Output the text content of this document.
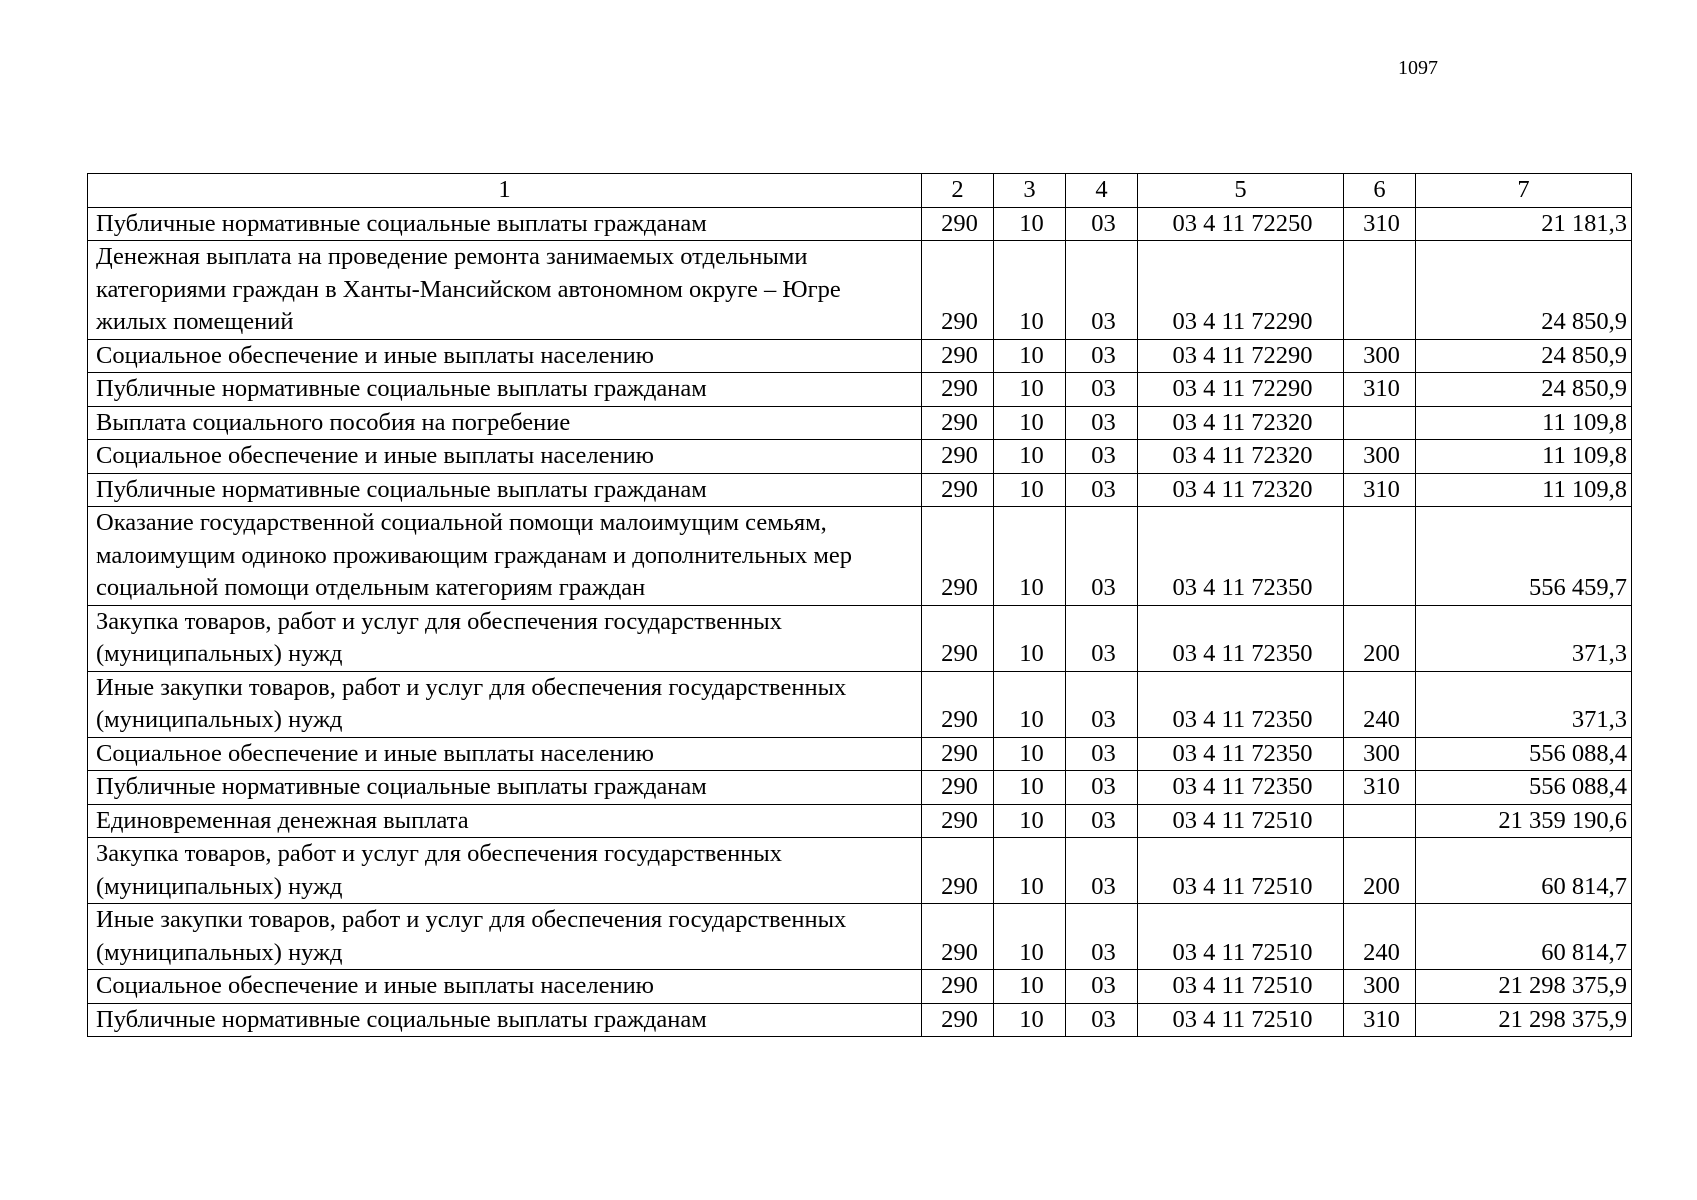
1097
1	2	3	4	5	6	7
Публичные нормативные социальные выплаты гражданам	290	10	03	03 4 11 72250	310	21 181,3
Денежная выплата на проведение ремонта занимаемых отдельными категориями граждан в Ханты-Мансийском автономном округе – Югре жилых помещений	290	10	03	03 4 11 72290		24 850,9
Социальное обеспечение и иные выплаты населению	290	10	03	03 4 11 72290	300	24 850,9
Публичные нормативные социальные выплаты гражданам	290	10	03	03 4 11 72290	310	24 850,9
Выплата социального пособия на погребение	290	10	03	03 4 11 72320		11 109,8
Социальное обеспечение и иные выплаты населению	290	10	03	03 4 11 72320	300	11 109,8
Публичные нормативные социальные выплаты гражданам	290	10	03	03 4 11 72320	310	11 109,8
Оказание государственной социальной помощи малоимущим семьям, малоимущим одиноко проживающим гражданам и дополнительных мер социальной помощи отдельным категориям граждан	290	10	03	03 4 11 72350		556 459,7
Закупка товаров, работ и услуг для обеспечения государственных (муниципальных) нужд	290	10	03	03 4 11 72350	200	371,3
Иные закупки товаров, работ и услуг для обеспечения государственных (муниципальных) нужд	290	10	03	03 4 11 72350	240	371,3
Социальное обеспечение и иные выплаты населению	290	10	03	03 4 11 72350	300	556 088,4
Публичные нормативные социальные выплаты гражданам	290	10	03	03 4 11 72350	310	556 088,4
Единовременная денежная выплата	290	10	03	03 4 11 72510		21 359 190,6
Закупка товаров, работ и услуг для обеспечения государственных (муниципальных) нужд	290	10	03	03 4 11 72510	200	60 814,7
Иные закупки товаров, работ и услуг для обеспечения государственных (муниципальных) нужд	290	10	03	03 4 11 72510	240	60 814,7
Социальное обеспечение и иные выплаты населению	290	10	03	03 4 11 72510	300	21 298 375,9
Публичные нормативные социальные выплаты гражданам	290	10	03	03 4 11 72510	310	21 298 375,9
